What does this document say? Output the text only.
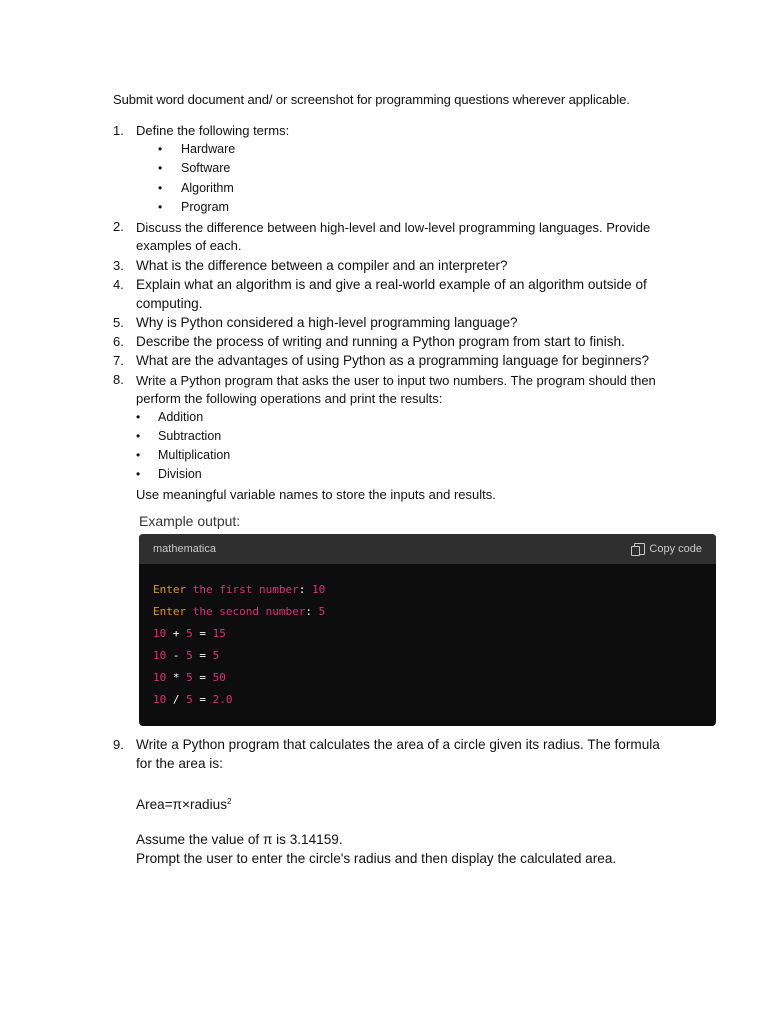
Submit word document and/ or screenshot for programming questions wherever applicable.
1. Define the following terms:
• Hardware
• Software
• Algorithm
• Program
2. Discuss the difference between high-level and low-level programming languages. Provide
examples of each.
3. What is the difference between a compiler and an interpreter?
4. Explain what an algorithm is and give a real-world example of an algorithm outside of
computing.
5. Why is Python considered a high-level programming language?
6. Describe the process of writing and running a Python program from start to finish.
7. What are the advantages of using Python as a programming language for beginners?
8. Write a Python program that asks the user to input two numbers. The program should then
perform the following operations and print the results:
• Addition
• Subtraction
• Multiplication
• Division
Use meaningful variable names to store the inputs and results.
Example output:
mathematica	Copy code
Enter the first number: 10
Enter the second number: 5
10 + 5 = 15
10 - 5 = 5
10 * 5 = 50
10 / 5 = 2.0
9. Write a Python program that calculates the area of a circle given its radius. The formula
for the area is:
Area=π×radius$^2$
Assume the value of π is 3.14159.
Prompt the user to enter the circle's radius and then display the calculated area.
